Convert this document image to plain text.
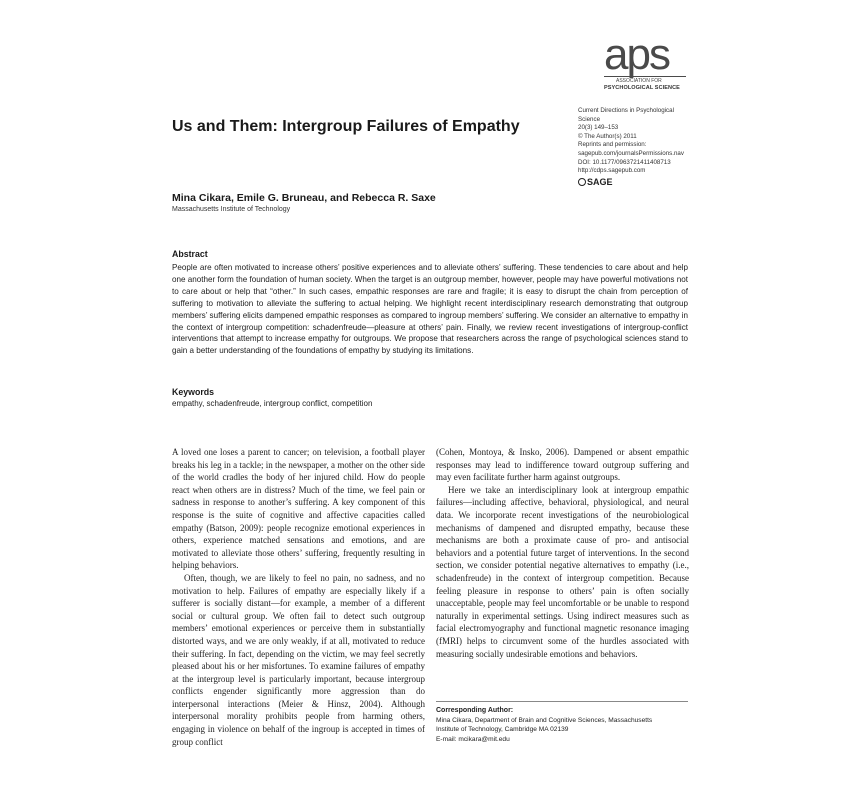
aps
ASSOCIATION FOR
PSYCHOLOGICAL SCIENCE
Current Directions in Psychological
Science
20(3) 149–153
© The Author(s) 2011
Reprints and permission:
sagepub.com/journalsPermissions.nav
DOI: 10.1177/0963721411408713
http://cdps.sagepub.com
SAGE
Us and Them: Intergroup Failures of Empathy
Mina Cikara, Emile G. Bruneau, and Rebecca R. Saxe
Massachusetts Institute of Technology
Abstract
People are often motivated to increase others’ positive experiences and to alleviate others’ suffering. These tendencies to care about and help one another form the foundation of human society. When the target is an outgroup member, however, people may have powerful motivations not to care about or help that “other.” In such cases, empathic responses are rare and fragile; it is easy to disrupt the chain from perception of suffering to motivation to alleviate the suffering to actual helping. We highlight recent interdisciplinary research demonstrating that outgroup members’ suffering elicits dampened empathic responses as compared to ingroup members’ suffering. We consider an alternative to empathy in the context of intergroup competition: schadenfreude—pleasure at others’ pain. Finally, we review recent investigations of intergroup-conflict interventions that attempt to increase empathy for outgroups. We propose that researchers across the range of psychological sciences stand to gain a better understanding of the foundations of empathy by studying its limitations.
Keywords
empathy, schadenfreude, intergroup conflict, competition

A loved one loses a parent to cancer; on television, a football player breaks his leg in a tackle; in the newspaper, a mother on the other side of the world cradles the body of her injured child. How do people react when others are in distress? Much of the time, we feel pain or sadness in response to another’s suffering. A key component of this response is the suite of cognitive and affective capacities called empathy (Batson, 2009): people recognize emotional experiences in others, experience matched sensations and emotions, and are motivated to alleviate those others’ suffering, frequently resulting in helping behaviors.

Often, though, we are likely to feel no pain, no sadness, and no motivation to help. Failures of empathy are especially likely if a sufferer is socially distant—for example, a member of a different social or cultural group. We often fail to detect such outgroup members’ emotional experiences or perceive them in substantially distorted ways, and we are only weakly, if at all, motivated to reduce their suffering. In fact, depending on the victim, we may feel secretly pleased about his or her misfortunes. To examine failures of empathy at the intergroup level is particularly important, because intergroup conflicts engender significantly more aggression than do interpersonal interactions (Meier & Hinsz, 2004). Although interpersonal morality prohibits people from harming others, engaging in violence on behalf of the ingroup is accepted in times of group conflict

(Cohen, Montoya, & Insko, 2006). Dampened or absent empathic responses may lead to indifference toward outgroup suffering and may even facilitate further harm against outgroups.

Here we take an interdisciplinary look at intergroup empathic failures—including affective, behavioral, physiological, and neural data. We incorporate recent investigations of the neurobiological mechanisms of dampened and disrupted empathy, because these mechanisms are both a proximate cause of pro- and antisocial behaviors and a potential future target of interventions. In the second section, we consider potential negative alternatives to empathy (i.e., schadenfreude) in the context of intergroup competition. Because feeling pleasure in response to others’ pain is often socially unacceptable, people may feel uncomfortable or be unable to respond naturally in experimental settings. Using indirect measures such as facial electromyography and functional magnetic resonance imaging (fMRI) helps to circumvent some of the hurdles associated with measuring socially undesirable emotions and behaviors.

Corresponding Author:
Mina Cikara, Department of Brain and Cognitive Sciences, Massachusetts
Institute of Technology, Cambridge MA 02139
E-mail: mcikara@mit.edu
